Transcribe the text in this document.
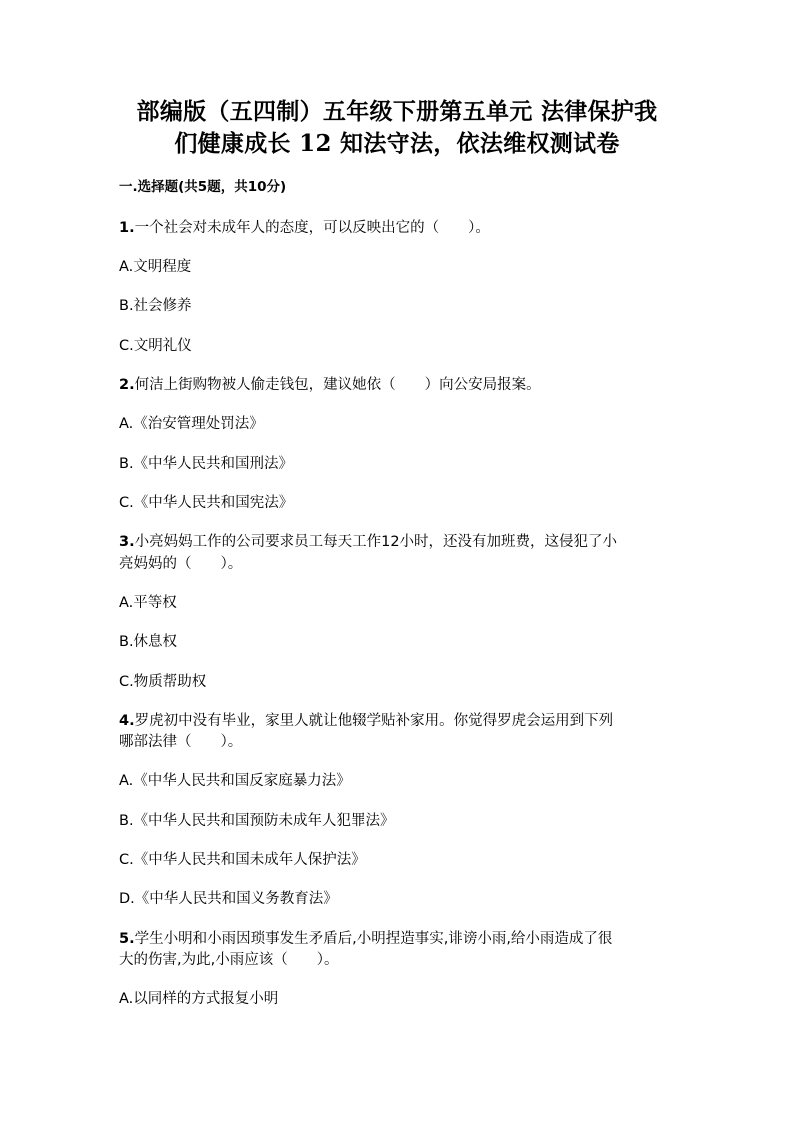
部编版（五四制）五年级下册第五单元 法律保护我
们健康成长 12 知法守法，依法维权测试卷
一.选择题(共5题，共10分)
1.一个社会对未成年人的态度，可以反映出它的（　　）。
A.文明程度
B.社会修养
C.文明礼仪
2.何洁上街购物被人偷走钱包，建议她依（　　）向公安局报案。
A.《治安管理处罚法》
B.《中华人民共和国刑法》
C.《中华人民共和国宪法》
3.小亮妈妈工作的公司要求员工每天工作12小时，还没有加班费，这侵犯了小
亮妈妈的（　　）。
A.平等权
B.休息权
C.物质帮助权
4.罗虎初中没有毕业，家里人就让他辍学贴补家用。你觉得罗虎会运用到下列
哪部法律（　　）。
A.《中华人民共和国反家庭暴力法》
B.《中华人民共和国预防未成年人犯罪法》
C.《中华人民共和国未成年人保护法》
D.《中华人民共和国义务教育法》
5.学生小明和小雨因琐事发生矛盾后,小明捏造事实,诽谤小雨,给小雨造成了很
大的伤害,为此,小雨应该（　　）。
A.以同样的方式报复小明
